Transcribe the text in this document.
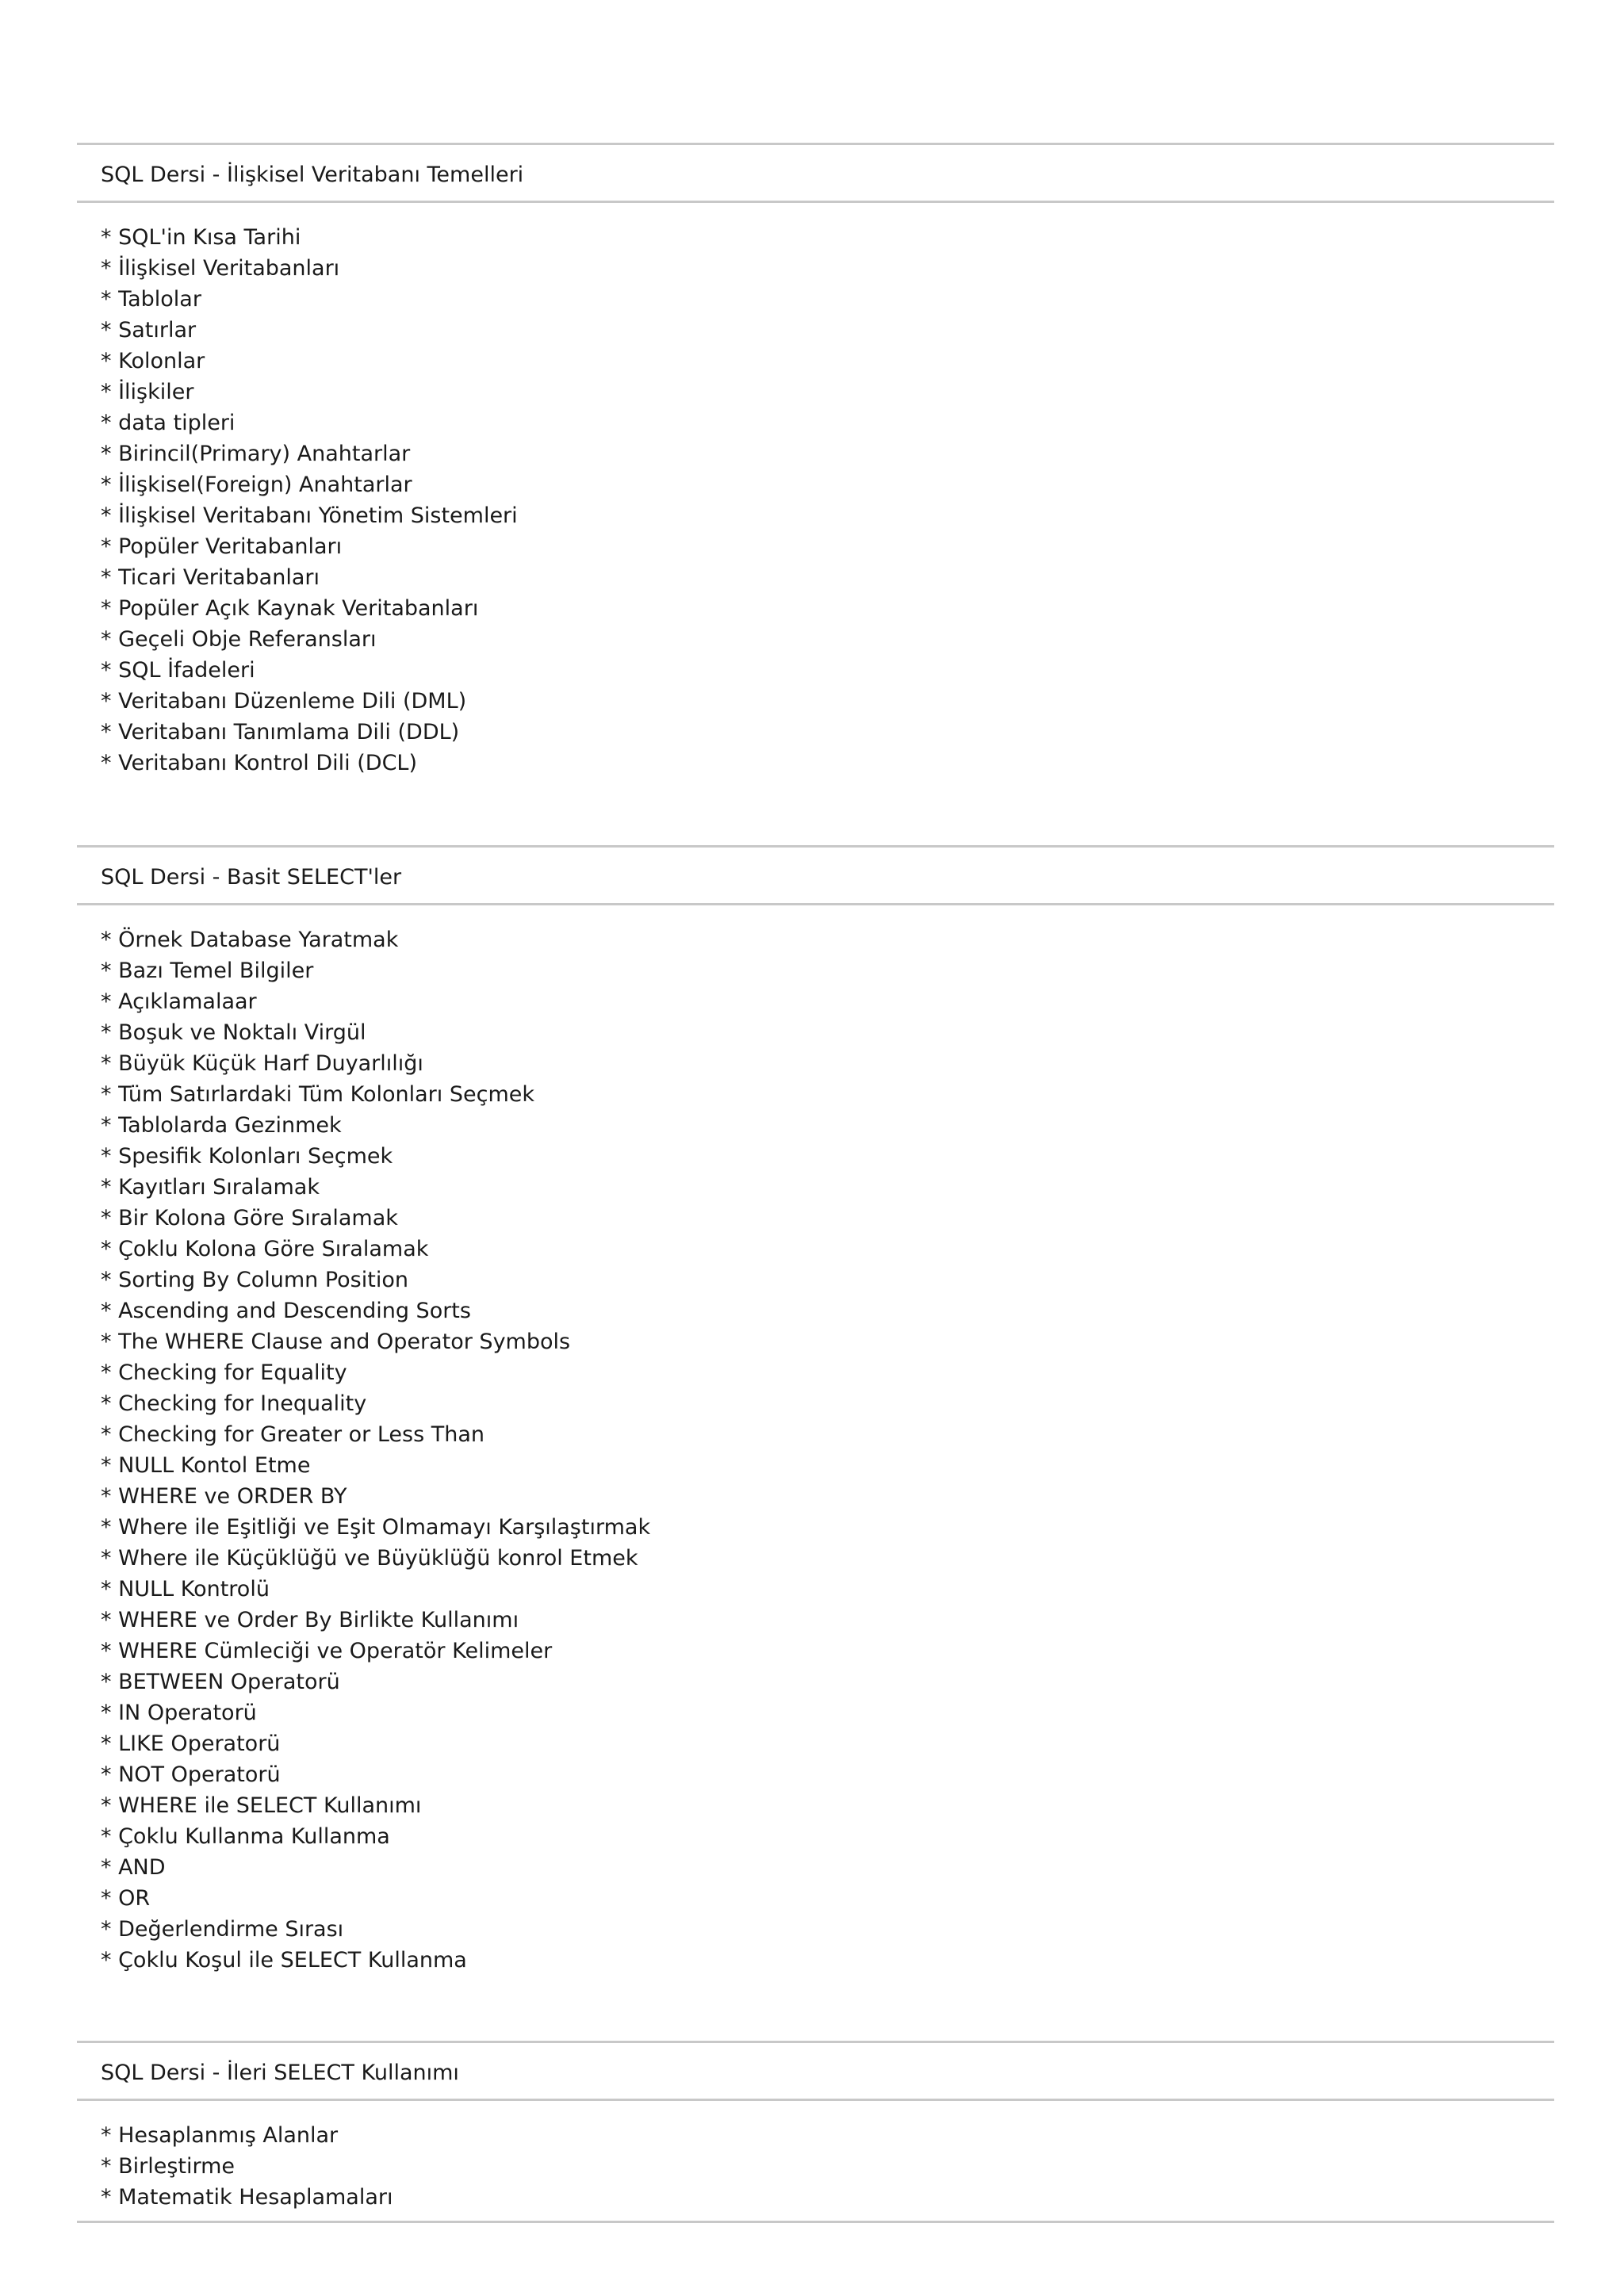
SQL Dersi - İlişkisel Veritabanı Temelleri
* SQL'in Kısa Tarihi
* İlişkisel Veritabanları
* Tablolar
* Satırlar
* Kolonlar
* İlişkiler
* data tipleri
* Birincil(Primary) Anahtarlar
* İlişkisel(Foreign) Anahtarlar
* İlişkisel Veritabanı Yönetim Sistemleri
* Popüler Veritabanları
* Ticari Veritabanları
* Popüler Açık Kaynak Veritabanları
* Geçeli Obje Referansları
* SQL İfadeleri
* Veritabanı Düzenleme Dili (DML)
* Veritabanı Tanımlama Dili (DDL)
* Veritabanı Kontrol Dili (DCL)
SQL Dersi - Basit SELECT'ler
* Örnek Database Yaratmak
* Bazı Temel Bilgiler
* Açıklamalaar
* Boşuk ve Noktalı Virgül
* Büyük Küçük Harf Duyarlılığı
* Tüm Satırlardaki Tüm Kolonları Seçmek
* Tablolarda Gezinmek
* Spesifik Kolonları Seçmek
* Kayıtları Sıralamak
* Bir Kolona Göre Sıralamak
* Çoklu Kolona Göre Sıralamak
* Sorting By Column Position
* Ascending and Descending Sorts
* The WHERE Clause and Operator Symbols
* Checking for Equality
* Checking for Inequality
* Checking for Greater or Less Than
* NULL Kontol Etme
* WHERE ve ORDER BY
* Where ile Eşitliği ve Eşit Olmamayı Karşılaştırmak
* Where ile Küçüklüğü ve Büyüklüğü konrol Etmek
* NULL Kontrolü
* WHERE ve Order By Birlikte Kullanımı
* WHERE Cümleciği ve Operatör Kelimeler
* BETWEEN Operatorü
* IN Operatorü
* LIKE Operatorü
* NOT Operatorü
* WHERE ile SELECT Kullanımı
* Çoklu Kullanma Kullanma
* AND
* OR
* Değerlendirme Sırası
* Çoklu Koşul ile SELECT Kullanma
SQL Dersi - İleri SELECT Kullanımı
* Hesaplanmış Alanlar
* Birleştirme
* Matematik Hesaplamaları
